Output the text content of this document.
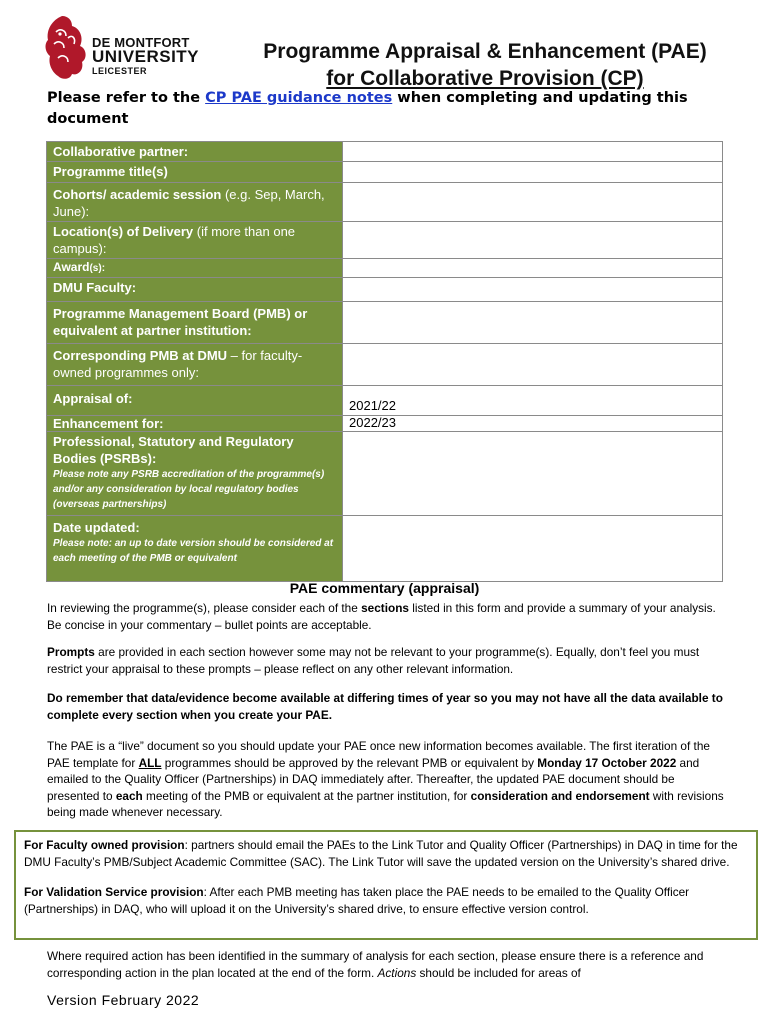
DE MONTFORT
UNIVERSITY
LEICESTER
Programme Appraisal & Enhancement (PAE)
for Collaborative Provision (CP)
Please refer to the CP PAE guidance notes when completing and updating this document
Collaborative partner:	
Programme title(s)	
Cohorts/ academic session (e.g. Sep, March, June):	
Location(s) of Delivery (if more than one campus):	
Award(s):	
DMU Faculty:	
Programme Management Board (PMB) or equivalent at partner institution:	
Corresponding PMB at DMU – for faculty-owned programmes only:	
Appraisal of:	2021/22
Enhancement for:	2022/23
Professional, Statutory and Regulatory Bodies (PSRBs):
Please note any PSRB accreditation of the programme(s) and/or any consideration by local regulatory bodies (overseas partnerships)	

Date updated:
Please note: an up to date version should be considered at each meeting of the PMB or equivalent	

PAE commentary (appraisal)
In reviewing the programme(s), please consider each of the sections listed in this form and provide a summary of your analysis. Be concise in your commentary – bullet points are acceptable.
Prompts are provided in each section however some may not be relevant to your programme(s). Equally, don’t feel you must restrict your appraisal to these prompts – please reflect on any other relevant information.
Do remember that data/evidence become available at differing times of year so you may not have all the data available to complete every section when you create your PAE.
The PAE is a “live” document so you should update your PAE once new information becomes available. The first iteration of the PAE template for ALL programmes should be approved by the relevant PMB or equivalent by Monday 17 October 2022 and emailed to the Quality Officer (Partnerships) in DAQ immediately after. Thereafter, the updated PAE document should be presented to each meeting of the PMB or equivalent at the partner institution, for consideration and endorsement with revisions being made whenever necessary.

For Faculty owned provision: partners should email the PAEs to the Link Tutor and Quality Officer (Partnerships) in DAQ in time for the DMU Faculty’s PMB/Subject Academic Committee (SAC). The Link Tutor will save the updated version on the University’s shared drive.

For Validation Service provision: After each PMB meeting has taken place the PAE needs to be emailed to the Quality Officer (Partnerships) in DAQ, who will upload it on the University’s shared drive, to ensure effective version control.

Where required action has been identified in the summary of analysis for each section, please ensure there is a reference and corresponding action in the plan located at the end of the form. Actions should be included for areas of
Version February 2022
